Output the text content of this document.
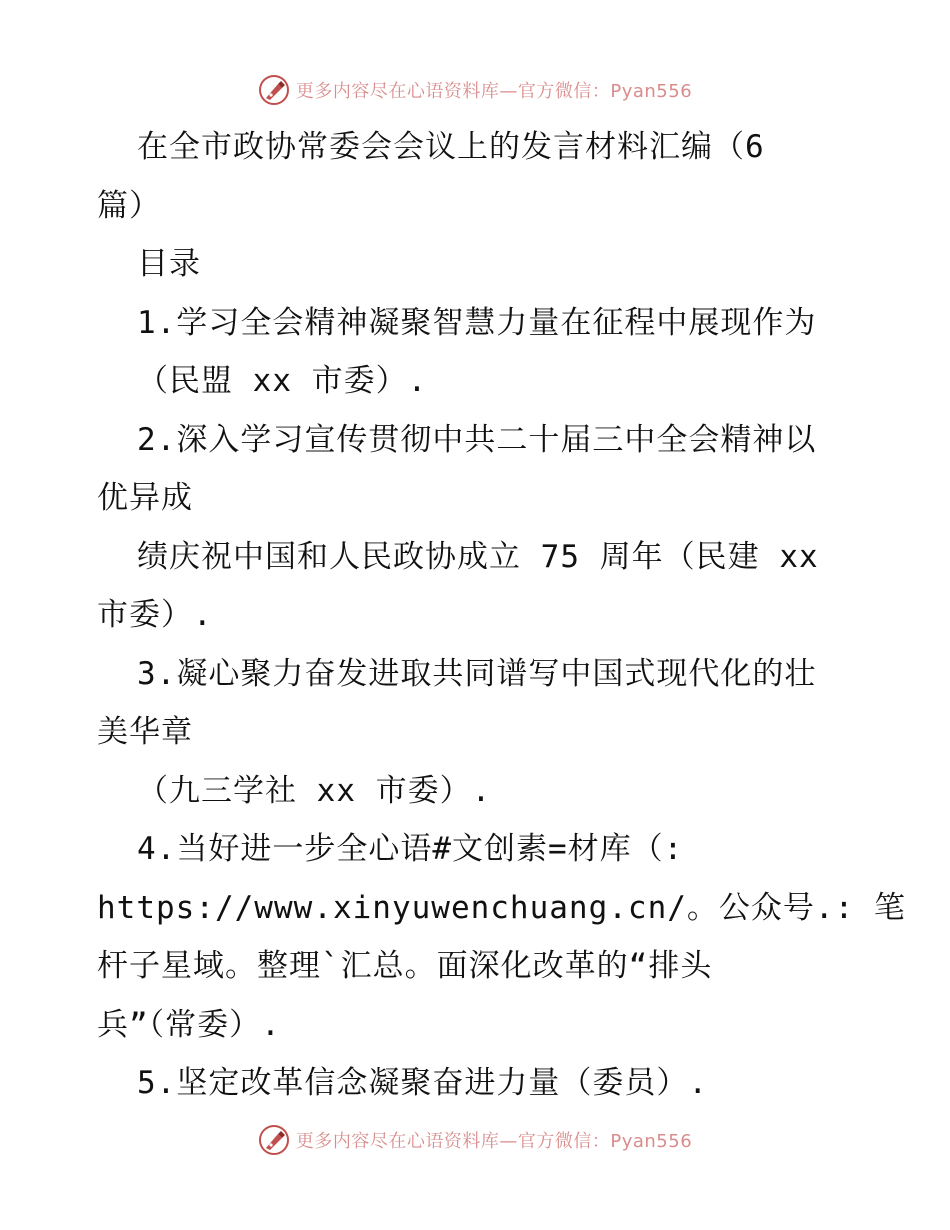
更多内容尽在心语资料库—官方微信：Pyan556
在全市政协常委会会议上的发言材料汇编（6
篇）
目录
1.学习全会精神凝聚智慧力量在征程中展现作为
（民盟 xx 市委）.
2.深入学习宣传贯彻中共二十届三中全会精神以
优异成
绩庆祝中国和人民政协成立 75 周年（民建 xx
市委）.
3.凝心聚力奋发进取共同谱写中国式现代化的壮
美华章
（九三学社 xx 市委）.
4.当好进一步全心语#文创素=材库（:
https://www.xinyuwenchuang.cn/。公众号.: 笔
杆子星域。整理`汇总。面深化改革的“排头
兵”（常委）.
5.坚定改革信念凝聚奋进力量（委员）.
更多内容尽在心语资料库—官方微信：Pyan556
